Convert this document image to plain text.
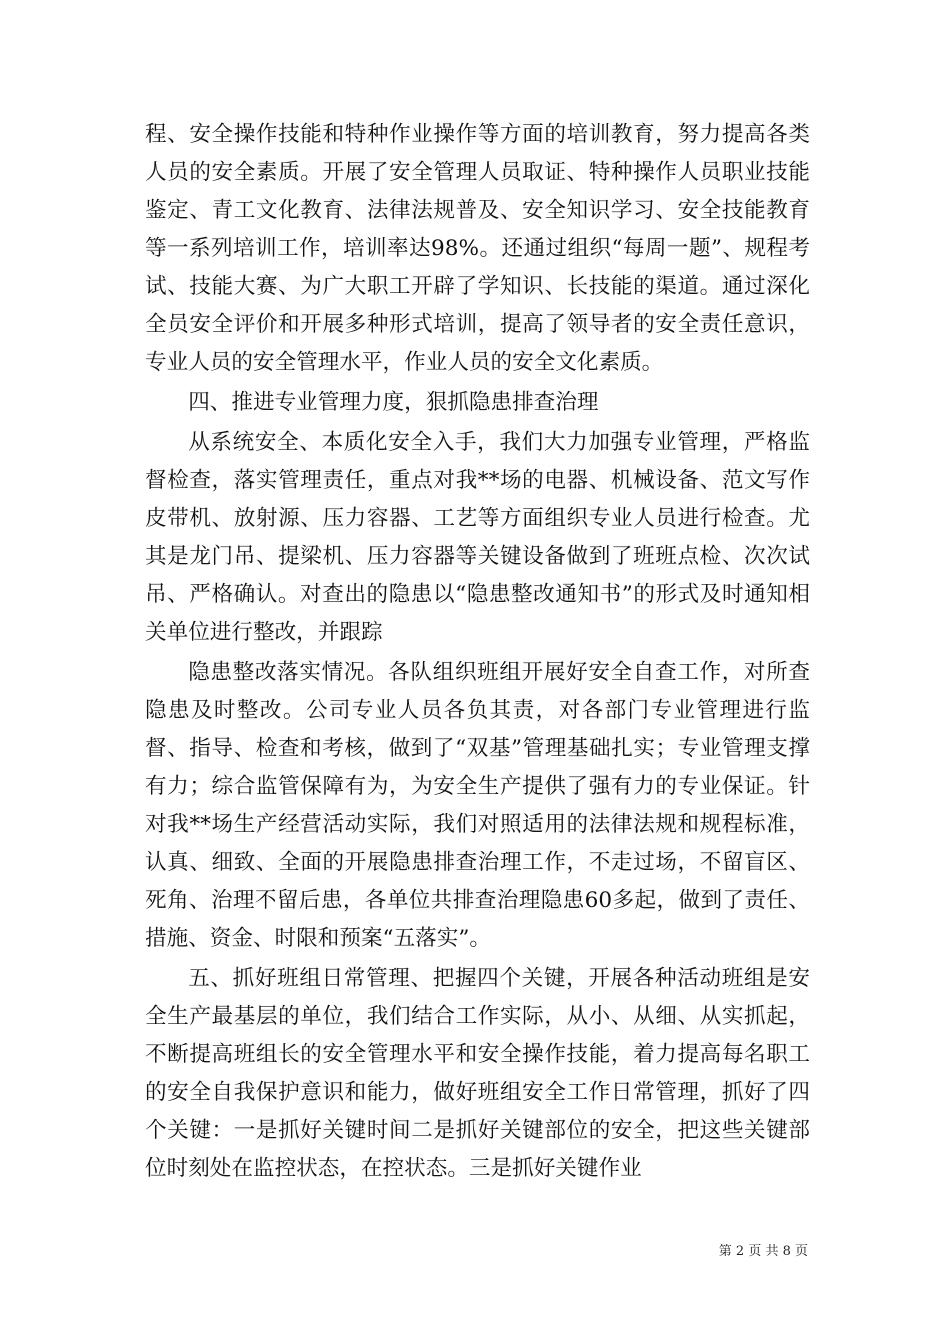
程、安全操作技能和特种作业操作等方面的培训教育，努力提高各类人员的安全素质。开展了安全管理人员取证、特种操作人员职业技能鉴定、青工文化教育、法律法规普及、安全知识学习、安全技能教育等一系列培训工作，培训率达98%。还通过组织“每周一题”、规程考试、技能大赛、为广大职工开辟了学知识、长技能的渠道。通过深化全员安全评价和开展多种形式培训，提高了领导者的安全责任意识，专业人员的安全管理水平，作业人员的安全文化素质。

四、推进专业管理力度，狠抓隐患排查治理

从系统安全、本质化安全入手，我们大力加强专业管理，严格监督检查，落实管理责任，重点对我**场的电器、机械设备、范文写作皮带机、放射源、压力容器、工艺等方面组织专业人员进行检查。尤其是龙门吊、提梁机、压力容器等关键设备做到了班班点检、次次试吊、严格确认。对查出的隐患以“隐患整改通知书”的形式及时通知相关单位进行整改，并跟踪

隐患整改落实情况。各队组织班组开展好安全自查工作，对所查隐患及时整改。公司专业人员各负其责，对各部门专业管理进行监督、指导、检查和考核，做到了“双基”管理基础扎实；专业管理支撑有力；综合监管保障有为，为安全生产提供了强有力的专业保证。针对我**场生产经营活动实际，我们对照适用的法律法规和规程标准，认真、细致、全面的开展隐患排查治理工作，不走过场，不留盲区、死角、治理不留后患，各单位共排查治理隐患60多起，做到了责任、措施、资金、时限和预案“五落实”。

五、抓好班组日常管理、把握四个关键，开展各种活动班组是安全生产最基层的单位，我们结合工作实际，从小、从细、从实抓起，不断提高班组长的安全管理水平和安全操作技能，着力提高每名职工的安全自我保护意识和能力，做好班组安全工作日常管理，抓好了四个关键：一是抓好关键时间二是抓好关键部位的安全，把这些关键部位时刻处在监控状态，在控状态。三是抓好关键作业

第 2 页 共 8 页
